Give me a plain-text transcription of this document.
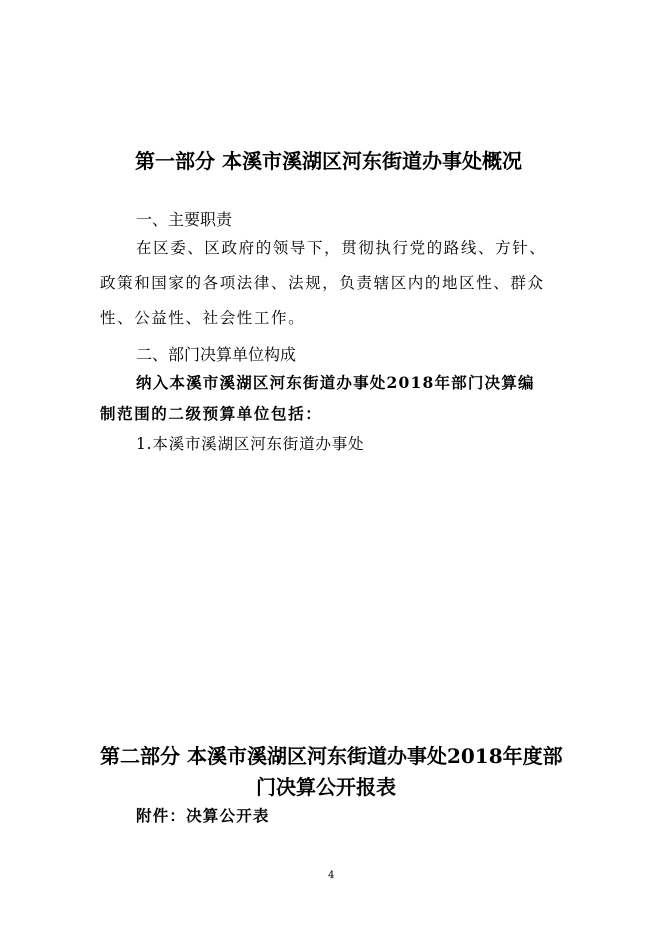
第一部分 本溪市溪湖区河东街道办事处概况
一、主要职责
在区委、区政府的领导下，贯彻执行党的路线、方针、
政策和国家的各项法律、法规，负责辖区内的地区性、群众
性、公益性、社会性工作。
二、部门决算单位构成
纳入本溪市溪湖区河东街道办事处2018年部门决算编
制范围的二级预算单位包括：
1.本溪市溪湖区河东街道办事处
第二部分 本溪市溪湖区河东街道办事处2018年度部
门决算公开报表
附件：决算公开表
4
